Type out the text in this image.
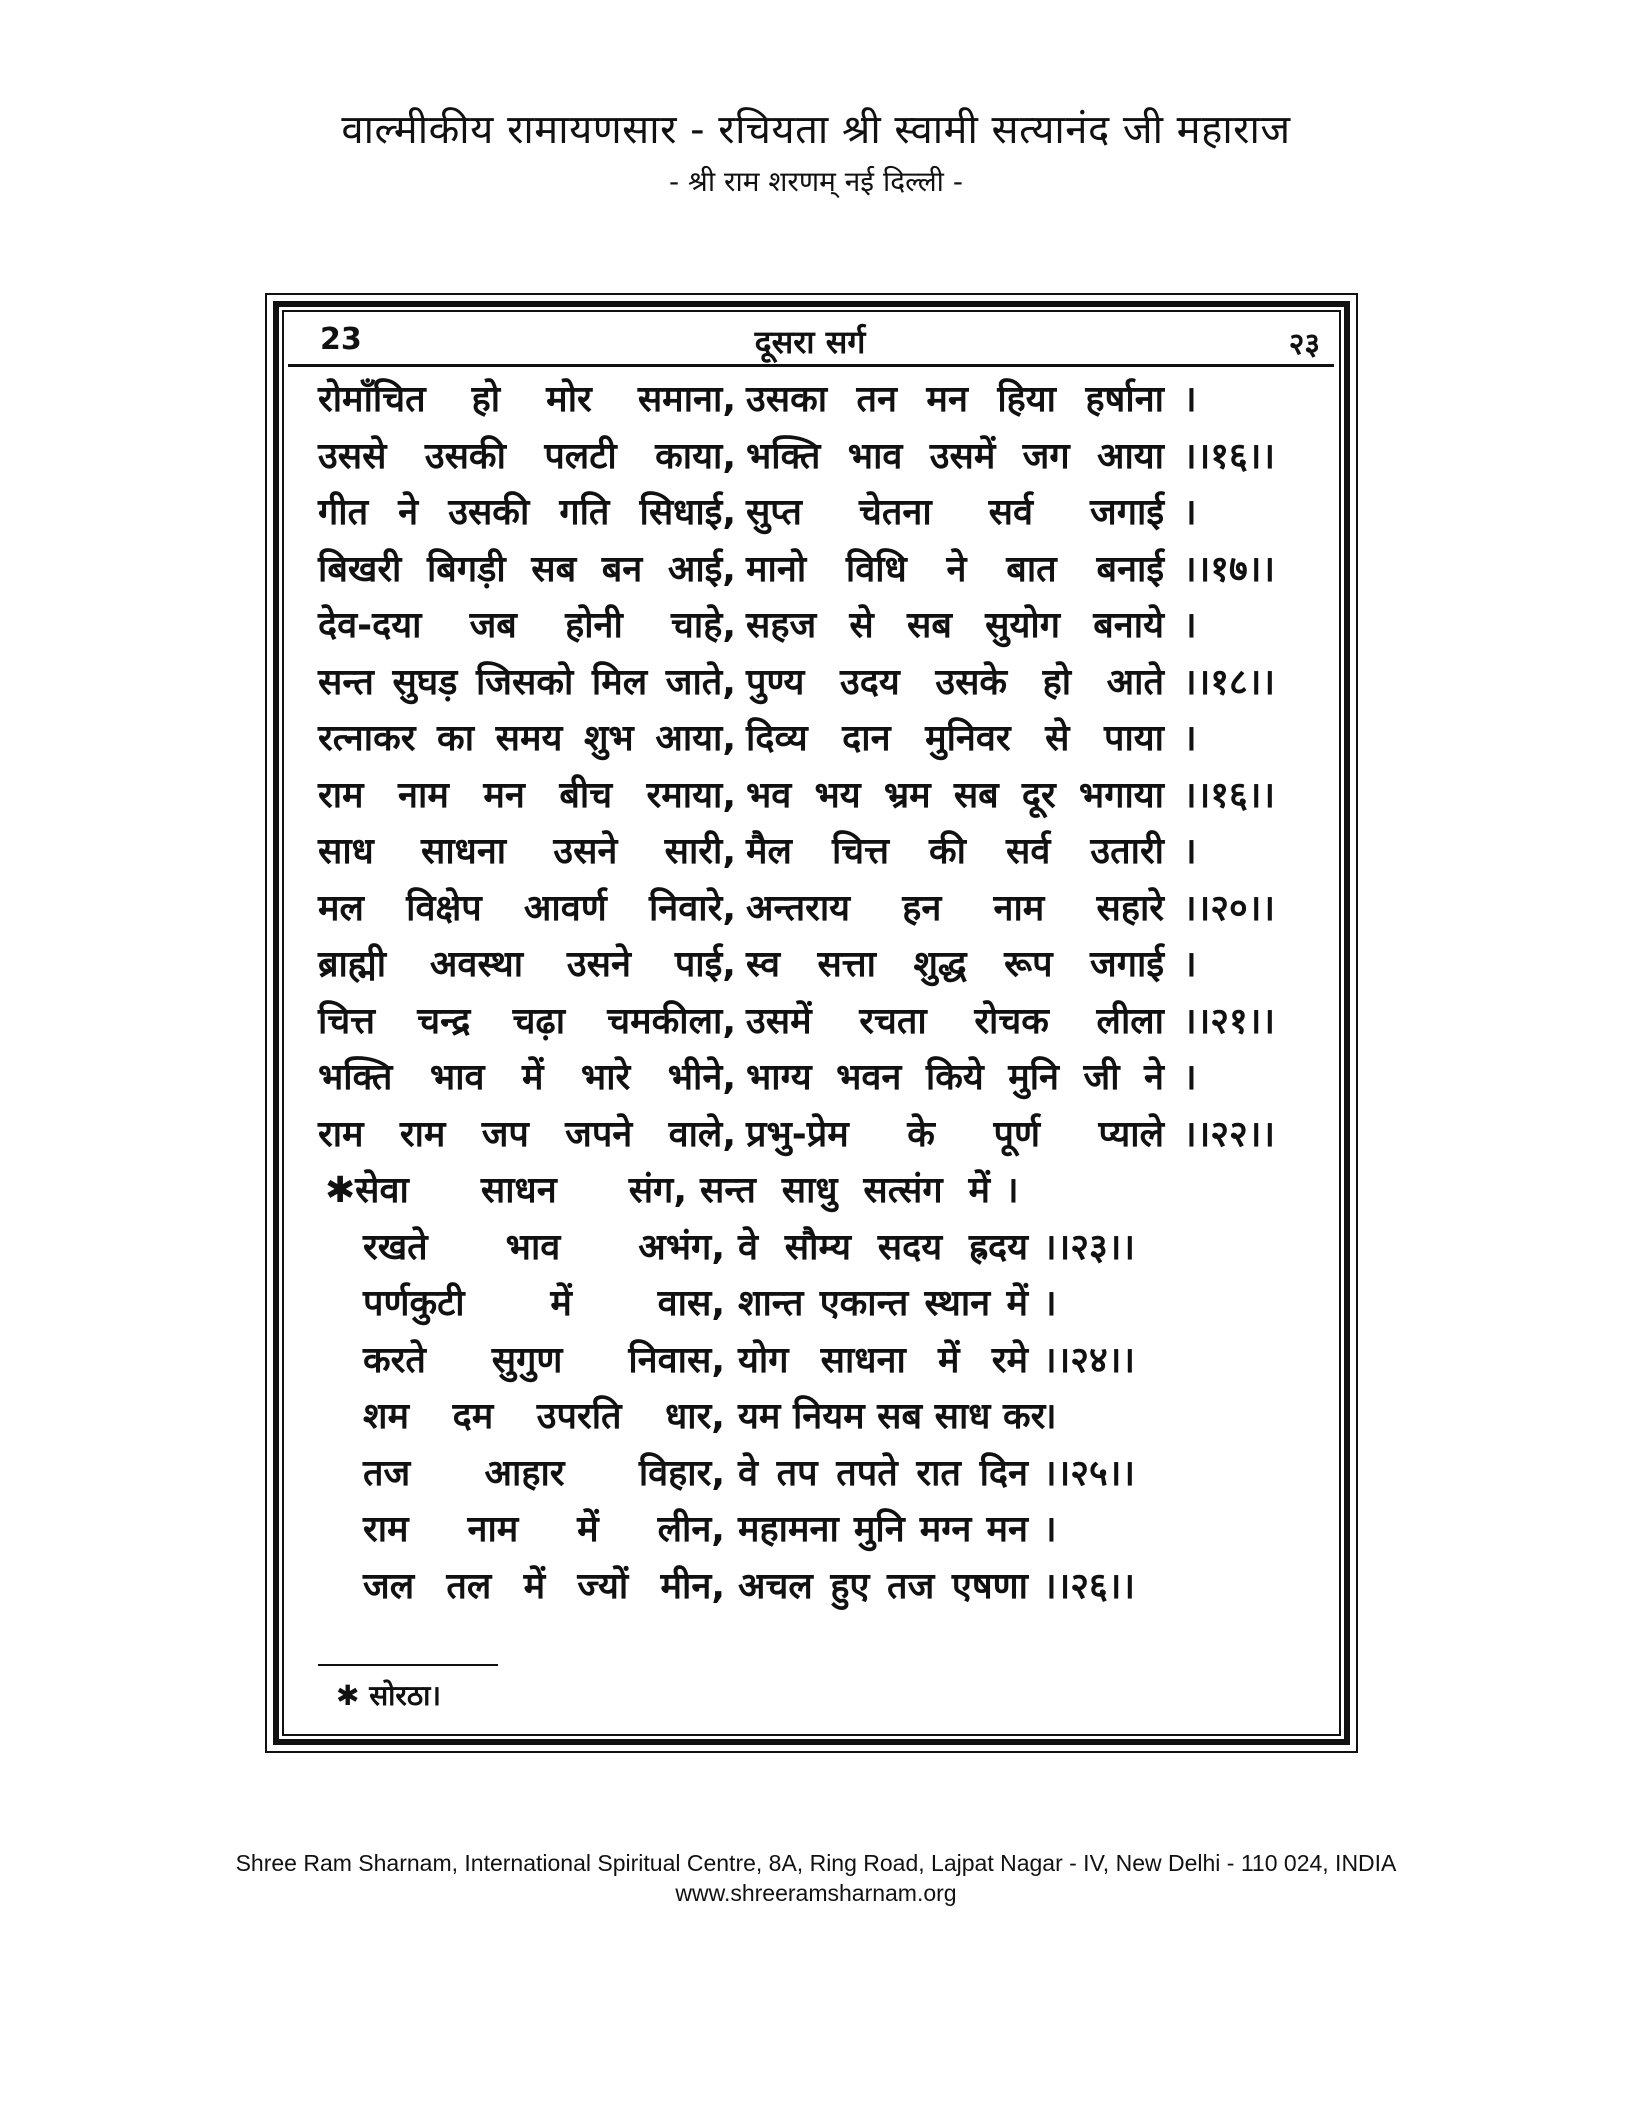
वाल्मीकीय रामायणसार - रचियता श्री स्वामी सत्यानंद जी महाराज
- श्री राम शरणम् नई दिल्ली -
23	दूसरा सर्ग	२३
रोमाँचित हो मोर समाना, उसका तन मन हिया हर्षाना ।
उससे उसकी पलटी काया, भक्ति भाव उसमें जग आया ।।१६।।
गीत ने उसकी गति सिधाई, सुप्त चेतना सर्व जगाई ।
बिखरी बिगड़ी सब बन आई, मानो विधि ने बात बनाई ।।१७।।
देव-दया जब होनी चाहे, सहज से सब सुयोग बनाये ।
सन्त सुघड़ जिसको मिल जाते, पुण्य उदय उसके हो आते ।।१८।।
रत्नाकर का समय शुभ आया, दिव्य दान मुनिवर से पाया ।
राम नाम मन बीच रमाया, भव भय भ्रम सब दूर भगाया ।।१६।।
साध साधना उसने सारी, मैल चित्त की सर्व उतारी ।
मल विक्षेप आवर्ण निवारे, अन्तराय हन नाम सहारे ।।२०।।
ब्राह्मी अवस्था उसने पाई, स्व सत्ता शुद्ध रूप जगाई ।
चित्त चन्द्र चढ़ा चमकीला, उसमें रचता रोचक लीला ।।२१।।
भक्ति भाव में भारे भीने, भाग्य भवन किये मुनि जी ने ।
राम राम जप जपने वाले, प्रभु-प्रेम के पूर्ण प्याले ।।२२।।
✱सेवा साधन संग, सन्त साधु सत्संग में ।
रखते भाव अभंग, वे सौम्य सदय ह्रदय ।।२३।।
पर्णकुटी में वास, शान्त एकान्त स्थान में ।
करते सुगुण निवास, योग साधना में रमे ।।२४।।
शम दम उपरति धार, यम नियम सब साध कर
।
तज आहार विहार, वे तप तपते रात दिन ।।२५।।
राम नाम में लीन, महामना मुनि मग्न मन ।
जल तल में ज्यों मीन, अचल हुए तज एषणा ।।२६।।
✱ सोरठा।
Shree Ram Sharnam, International Spiritual Centre, 8A, Ring Road, Lajpat Nagar - IV, New Delhi - 110 024, INDIA
www.shreeramsharnam.org
